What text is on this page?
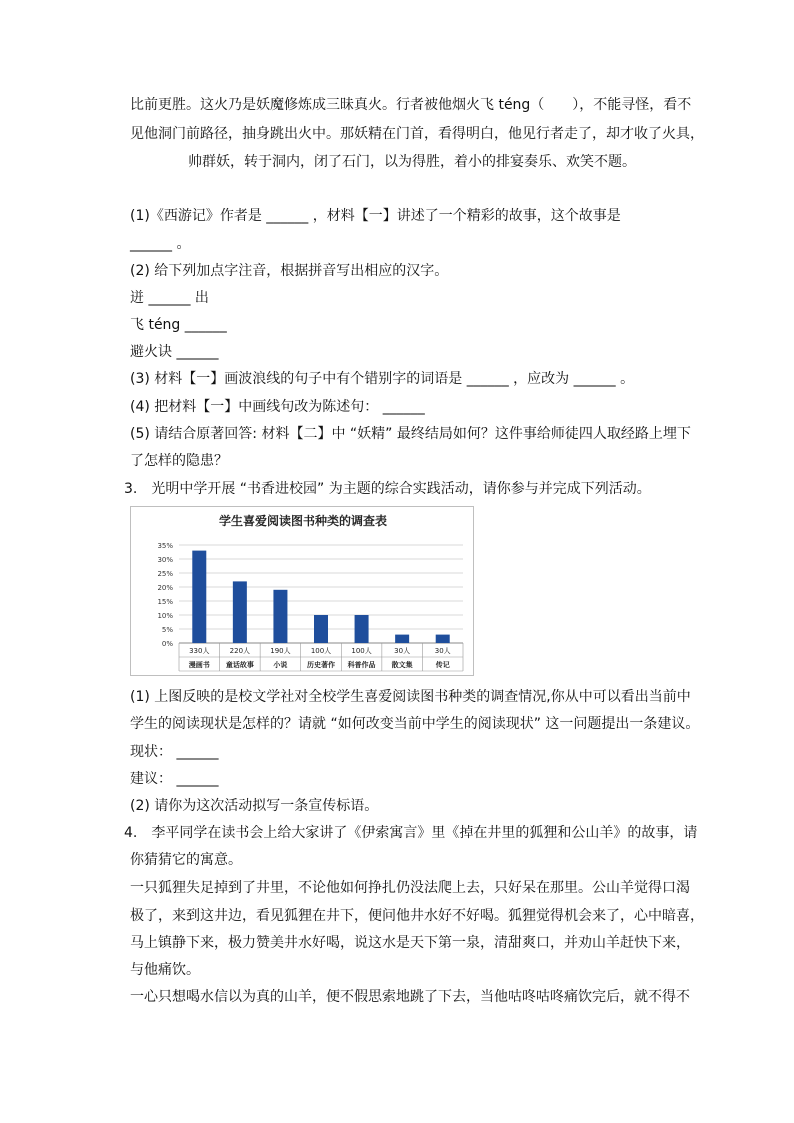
比前更胜。这火乃是妖魔修炼成三昧真火。行者被他烟火飞 téng（　　），不能寻怪，看不
见他洞门前路径，抽身跳出火中。那妖精在门首，看得明白，他见行者走了，却才收了火具，
帅群妖，转于洞内，闭了石门，以为得胜，着小的排宴奏乐、欢笑不题。
(1)《西游记》作者是 ______ ，材料【一】讲述了一个精彩的故事，这个故事是
______ 。
(2) 给下列加点字注音，根据拼音写出相应的汉字。
迸 ______ 出
飞 téng ______
避火诀 ______
(3) 材料【一】画波浪线的句子中有个错别字的词语是 ______ ，应改为 ______ 。
(4) 把材料【一】中画线句改为陈述句： ______
(5) 请结合原著回答: 材料【二】中 “妖精” 最终结局如何？这件事给师徒四人取经路上埋下
了怎样的隐患？
3.　光明中学开展 “书香进校园” 为主题的综合实践活动，请你参与并完成下列活动。
学生喜爱阅读图书种类的调查表
0%
5%
10%
15%
20%
25%
30%
35%
330人
漫画书
220人
童话故事
190人
小说
100人
历史著作
100人
科普作品
30人
散文集
30人
传记
(1) 上图反映的是校文学社对全校学生喜爱阅读图书种类的调查情况,你从中可以看出当前中
学生的阅读现状是怎样的？请就 “如何改变当前中学生的阅读现状” 这一问题提出一条建议。
现状： ______
建议： ______
(2) 请你为这次活动拟写一条宣传标语。
4.　李平同学在读书会上给大家讲了《伊索寓言》里《掉在井里的狐狸和公山羊》的故事，请
你猜猜它的寓意。
一只狐狸失足掉到了井里，不论他如何挣扎仍没法爬上去，只好呆在那里。公山羊觉得口渴
极了，来到这井边，看见狐狸在井下，便问他井水好不好喝。狐狸觉得机会来了，心中暗喜，
马上镇静下来，极力赞美井水好喝，说这水是天下第一泉，清甜爽口，并劝山羊赶快下来，
与他痛饮。
一心只想喝水信以为真的山羊，便不假思索地跳了下去，当他咕咚咕咚痛饮完后，就不得不
